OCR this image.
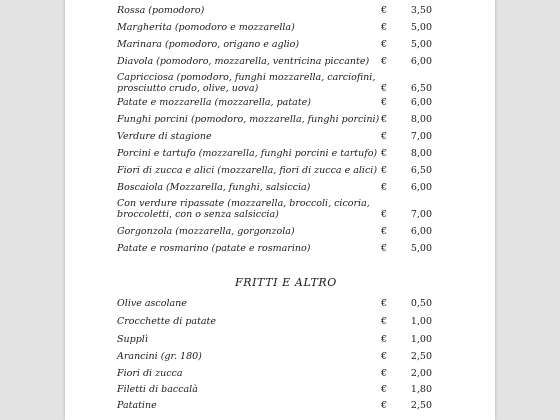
Rossa (pomodoro)	€	3,50
Margherita (pomodoro e mozzarella)	€	5,00
Marinara (pomodoro, origano e aglio)	€	5,00
Diavola (pomodoro, mozzarella, ventricina piccante)	€	6,00
Capricciosa (pomodoro, funghi mozzarella, carciofini, prosciutto crudo, olive, uova)	€	6,50
Patate e mozzarella (mozzarella, patate)	€	6,00
Funghi porcini (pomodoro, mozzarella, funghi porcini) €	8,00
Verdure di stagione	€	7,00
Porcini e tartufo (mozzarella, funghi porcini e tartufo) €	8,00
Fiori di zucca e alici (mozzarella, fiori di zucca e alici) €	6,50
Boscaiola (Mozzarella, funghi, salsiccia)	€	6,00
Con verdure ripassate (mozzarella, broccoli, cicoria, broccoletti, con o senza salsiccia)	€	7,00
Gorgonzola (mozzarella, gorgonzola)	€	6,00
Patate e rosmarino (patate e rosmarino)	€	5,00
FRITTI E ALTRO
Olive ascolane	€	0,50
Crocchette di patate	€	1,00
Supplì	€	1,00
Arancini (gr. 180)	€	2,50
Fiori di zucca	€	2,00
Filetti di baccalà	€	1,80
Patatine	€	2,50
